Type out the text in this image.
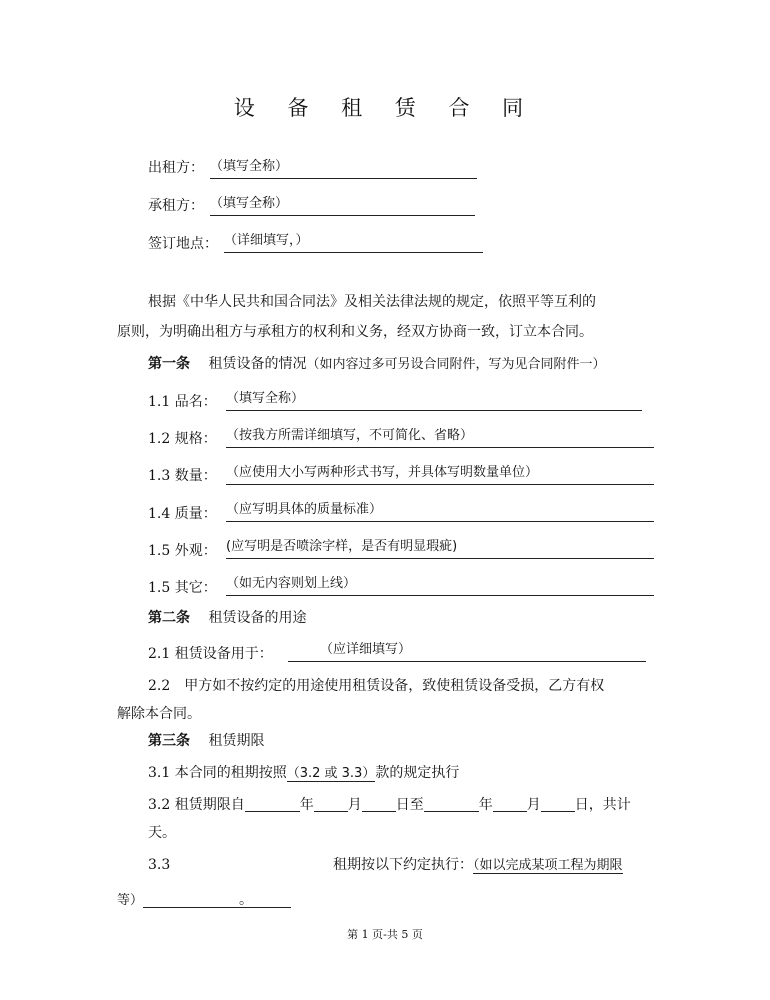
设 备 租 赁 合 同
出租方： （填写全称）
承租方： （填写全称）
签订地点： （详细填写，）
根据《中华人民共和国合同法》及相关法律法规的规定，依照平等互利的
原则，为明确出租方与承租方的权利和义务，经双方协商一致，订立本合同。
第一条 租赁设备的情况（如内容过多可另设合同附件，写为见合同附件一）
1.1 品名： （填写全称）
1.2 规格： （按我方所需详细填写，不可简化、省略）
1.3 数量： （应使用大小写两种形式书写，并具体写明数量单位）
1.4 质量： （应写明具体的质量标准）
1.5 外观： (应写明是否喷涂字样，是否有明显瑕疵)
1.5 其它： （如无内容则划上线）
第二条 租赁设备的用途
2.1 租赁设备用于：	（应详细填写）
2.2　甲方如不按约定的用途使用租赁设备，致使租赁设备受损，乙方有权
解除本合同。
第三条 租赁期限
3.1 本合同的租期按照（3.2 或 3.3）款的规定执行
3.2 租赁期限自	年 月 日至	年 月 日，共计
天。
3.3	租期按以下约定执行：（如以完成某项工程为期限
等）	。
第 1 页-共 5 页
